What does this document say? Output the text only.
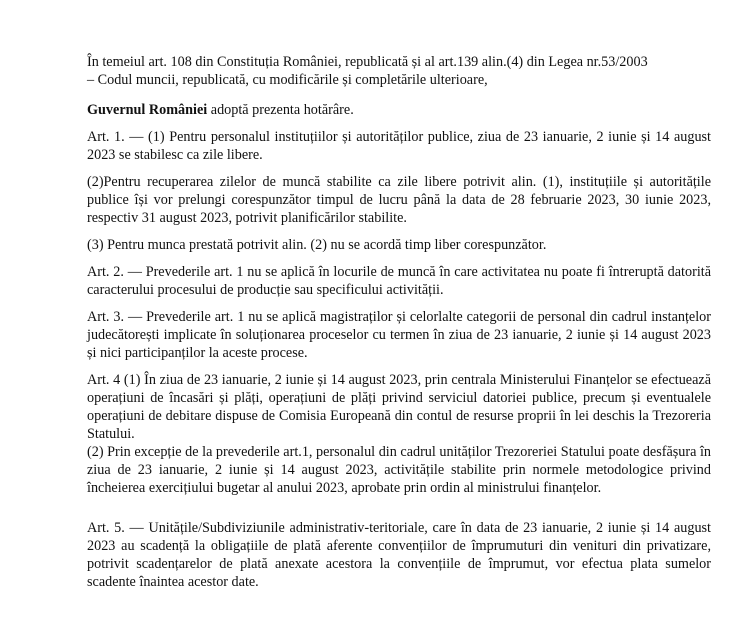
În temeiul art. 108 din Constituția României, republicată și al art.139 alin.(4) din Legea nr.53/2003
– Codul muncii, republicată, cu modificările și completările ulterioare,

Guvernul României adoptă prezenta hotărâre.

Art. 1. — (1) Pentru personalul instituțiilor și autorităților publice, ziua de 23 ianuarie, 2 iunie și 14 august 2023 se stabilesc ca zile libere.

(2)Pentru recuperarea zilelor de muncă stabilite ca zile libere potrivit alin. (1), instituțiile și autoritățile publice își vor prelungi corespunzător timpul de lucru până la data de 28 februarie 2023, 30 iunie 2023, respectiv 31 august 2023, potrivit planificărilor stabilite.

(3) Pentru munca prestată potrivit alin. (2) nu se acordă timp liber corespunzător.

Art. 2. — Prevederile art. 1 nu se aplică în locurile de muncă în care activitatea nu poate fi întreruptă datorită caracterului procesului de producție sau specificului activității.

Art. 3. — Prevederile art. 1 nu se aplică magistraților și celorlalte categorii de personal din cadrul instanțelor judecătorești implicate în soluționarea proceselor cu termen în ziua de 23 ianuarie, 2 iunie și 14 august 2023 și nici participanților la aceste procese.

Art. 4 (1) În ziua de 23 ianuarie, 2 iunie și 14 august 2023, prin centrala Ministerului Finanțelor se efectuează operațiuni de încasări și plăți, operațiuni de plăți privind serviciul datoriei publice, precum și eventualele operațiuni de debitare dispuse de Comisia Europeană din contul de resurse proprii în lei deschis la Trezoreria Statului.

(2) Prin excepție de la prevederile art.1, personalul din cadrul unităților Trezoreriei Statului poate desfășura în ziua de 23 ianuarie, 2 iunie și 14 august 2023, activitățile stabilite prin normele metodologice privind încheierea exercițiului bugetar al anului 2023, aprobate prin ordin al ministrului finanțelor.

Art. 5. — Unitățile/Subdiviziunile administrativ-teritoriale, care în data de 23 ianuarie, 2 iunie și 14 august 2023 au scadență la obligațiile de plată aferente convențiilor de împrumuturi din venituri din privatizare, potrivit scadențarelor de plată anexate acestora la convențiile de împrumut, vor efectua plata sumelor scadente înaintea acestor date.
